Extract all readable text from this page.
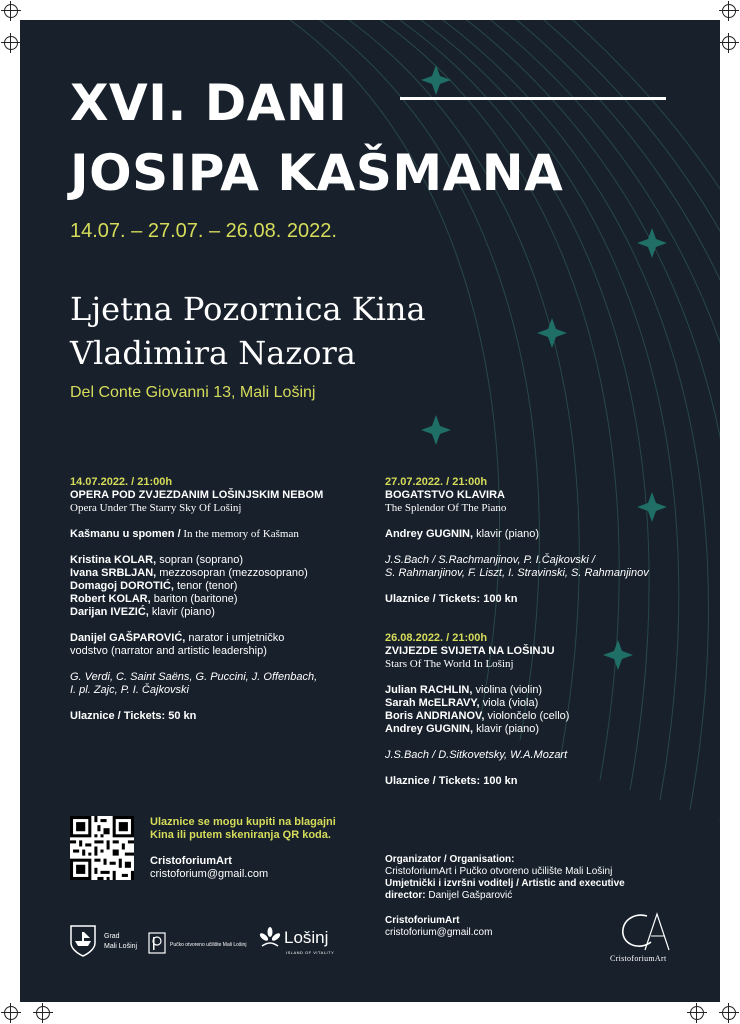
XVI. DANI
JOSIPA KAŠMANA
14.07. – 27.07. – 26.08. 2022.
Ljetna Pozornica Kina
Vladimira Nazora
Del Conte Giovanni 13, Mali Lošinj
14.07.2022. / 21:00h
OPERA POD ZVJEZDANIM LOŠINJSKIM NEBOM
Opera Under The Starry Sky Of Lošinj
Kašmanu u spomen / In the memory of Kašman
Kristina KOLAR, sopran (soprano)
Ivana SRBLJAN, mezzosopran (mezzosoprano)
Domagoj DOROTIĆ, tenor (tenor)
Robert KOLAR, bariton (baritone)
Darijan IVEZIĆ, klavir (piano)
Danijel GAŠPAROVIĆ, narator i umjetničko
vodstvo (narrator and artistic leadership)
G. Verdi, C. Saint Saëns, G. Puccini, J. Offenbach,
I. pl. Zajc, P. I. Čajkovski
Ulaznice / Tickets: 50 kn
27.07.2022. / 21:00h
BOGATSTVO KLAVIRA
The Splendor Of The Piano
Andrey GUGNIN, klavir (piano)
J.S.Bach / S.Rachmanjinov, P. I.Čajkovski /
S. Rahmanjinov, F. Liszt, I. Stravinski, S. Rahmanjinov
Ulaznice / Tickets: 100 kn
26.08.2022. / 21:00h
ZVIJEZDE SVIJETA NA LOŠINJU
Stars Of The World In Lošinj
Julian RACHLIN, violina (violin)
Sarah McELRAVY, viola (viola)
Boris ANDRIANOV, violončelo (cello)
Andrey GUGNIN, klavir (piano)
J.S.Bach / D.Sitkovetsky, W.A.Mozart
Ulaznice / Tickets: 100 kn
Ulaznice se mogu kupiti na blagajni
Kina ili putem skeniranja QR koda.
CristoforiumArt
cristoforium@gmail.com
Organizator / Organisation:
CristoforiumArt i Pučko otvoreno učilište Mali Lošinj
Umjetnički i izvršni voditelj / Artistic and executive
director: Danijel Gašparović
CristoforiumArt
cristoforium@gmail.com
Grad
Mali Lošinj	Pučko otvoreno učilište Mali Lošinj Lošinj
ISLAND OF VITALITY
CristoforiumArt
